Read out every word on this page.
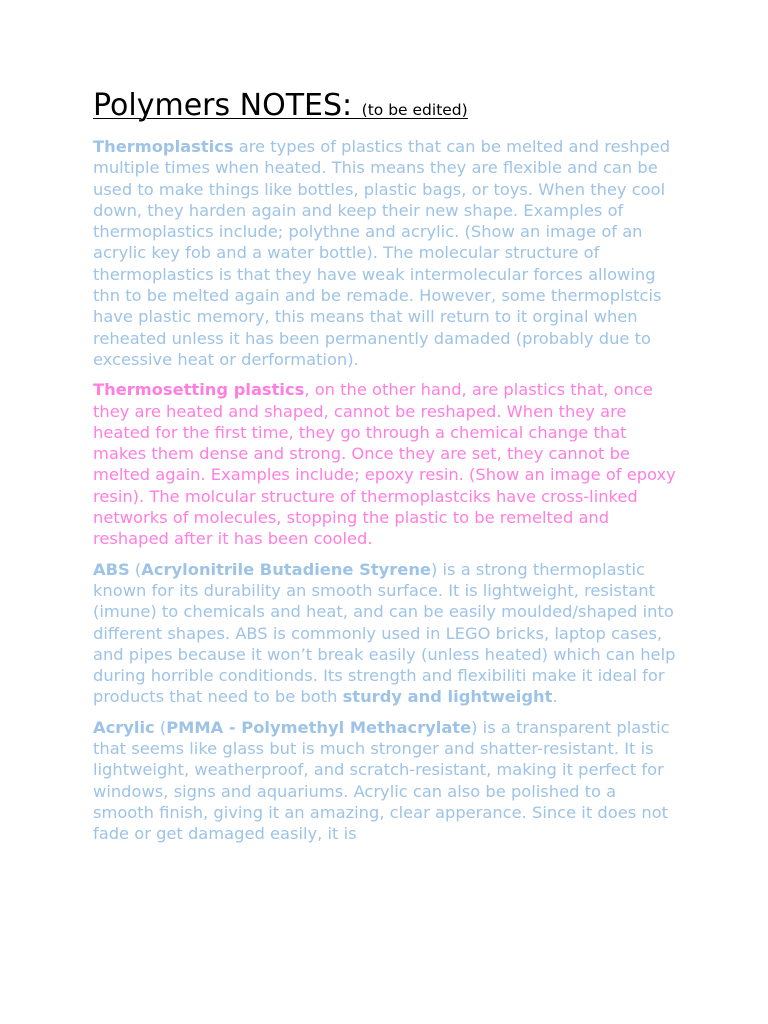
Polymers NOTES: (to be edited)

Thermoplastics are types of plastics that can be melted and reshped multiple times when heated. This means they are flexible and can be used to make things like bottles, plastic bags, or toys. When they cool down, they harden again and keep their new shape. Examples of thermoplastics include; polythne and acrylic. (Show an image of an acrylic key fob and a water bottle). The molecular structure of thermoplastics is that they have weak intermolecular forces allowing thn to be melted again and be remade. However, some thermoplstcis have plastic memory, this means that will return to it orginal when reheated unless it has been permanently damaded (probably due to excessive heat or derformation).

Thermosetting plastics, on the other hand, are plastics that, once they are heated and shaped, cannot be reshaped. When they are heated for the first time, they go through a chemical change that makes them dense and strong. Once they are set, they cannot be melted again. Examples include; epoxy resin. (Show an image of epoxy resin). The molcular structure of thermoplastciks have cross-linked networks of molecules, stopping the plastic to be remelted and reshaped after it has been cooled.

ABS (Acrylonitrile Butadiene Styrene) is a strong thermoplastic known for its durability an smooth surface. It is lightweight, resistant (imune) to chemicals and heat, and can be easily moulded/shaped into different shapes. ABS is commonly used in LEGO bricks, laptop cases, and pipes because it won’t break easily (unless heated) which can help during horrible conditionds. Its strength and flexibiliti make it ideal for products that need to be both sturdy and lightweight.

Acrylic (PMMA - Polymethyl Methacrylate) is a transparent plastic that seems like glass but is much stronger and shatter-resistant. It is lightweight, weatherproof, and scratch-resistant, making it perfect for windows, signs and aquariums. Acrylic can also be polished to a smooth finish, giving it an amazing, clear apperance. Since it does not fade or get damaged easily, it is
